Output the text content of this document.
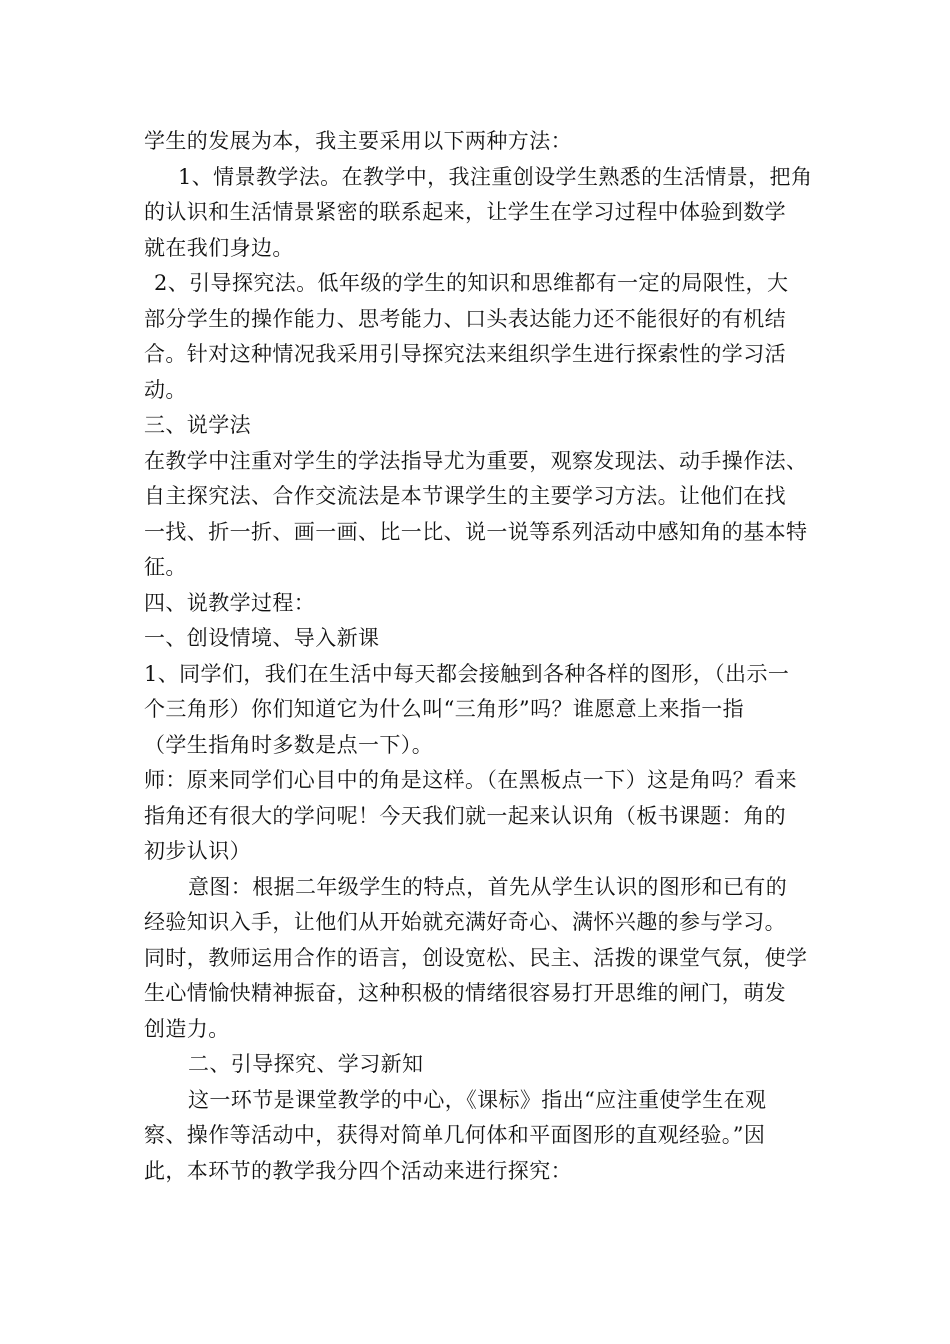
学生的发展为本，我主要采用以下两种方法：
1、情景教学法。在教学中，我注重创设学生熟悉的生活情景，把角
的认识和生活情景紧密的联系起来，让学生在学习过程中体验到数学
就在我们身边。
2、引导探究法。低年级的学生的知识和思维都有一定的局限性，大
部分学生的操作能力、思考能力、口头表达能力还不能很好的有机结
合。针对这种情况我采用引导探究法来组织学生进行探索性的学习活
动。
三、说学法
在教学中注重对学生的学法指导尤为重要，观察发现法、动手操作法、
自主探究法、合作交流法是本节课学生的主要学习方法。让他们在找
一找、折一折、画一画、比一比、说一说等系列活动中感知角的基本特
征。
四、说教学过程：
一、创设情境、导入新课
1、同学们，我们在生活中每天都会接触到各种各样的图形，（出示一
个三角形）你们知道它为什么叫“三角形”吗？谁愿意上来指一指
（学生指角时多数是点一下）。
师：原来同学们心目中的角是这样。（在黑板点一下）这是角吗？看来
指角还有很大的学问呢！今天我们就一起来认识角（板书课题：角的
初步认识）
意图：根据二年级学生的特点，首先从学生认识的图形和已有的
经验知识入手，让他们从开始就充满好奇心、满怀兴趣的参与学习。
同时，教师运用合作的语言，创设宽松、民主、活拨的课堂气氛，使学
生心情愉快精神振奋，这种积极的情绪很容易打开思维的闸门，萌发
创造力。
二、引导探究、学习新知
这一环节是课堂教学的中心，《课标》指出“应注重使学生在观
察、操作等活动中，获得对简单几何体和平面图形的直观经验。”因
此，本环节的教学我分四个活动来进行探究：
